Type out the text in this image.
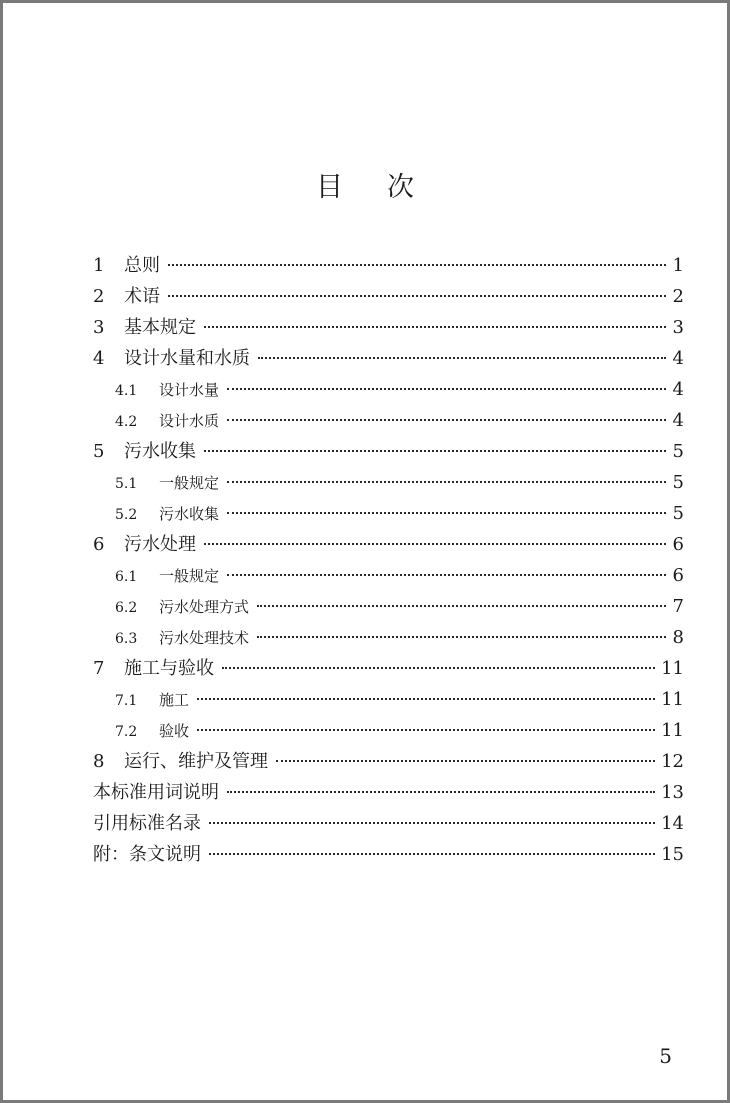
目次
1	总则	1
2	术语	2
3	基本规定	3
4	设计水量和水质	4
4.1	设计水量	4
4.2	设计水质	4
5	污水收集	5
5.1	一般规定	5
5.2	污水收集	5
6	污水处理	6
6.1	一般规定	6
6.2	污水处理方式	7
6.3	污水处理技术	8
7	施工与验收	11
7.1	施工	11
7.2	验收	11
8	运行、维护及管理	12
本标准用词说明	13
引用标准名录	14
附：条文说明	15
5
